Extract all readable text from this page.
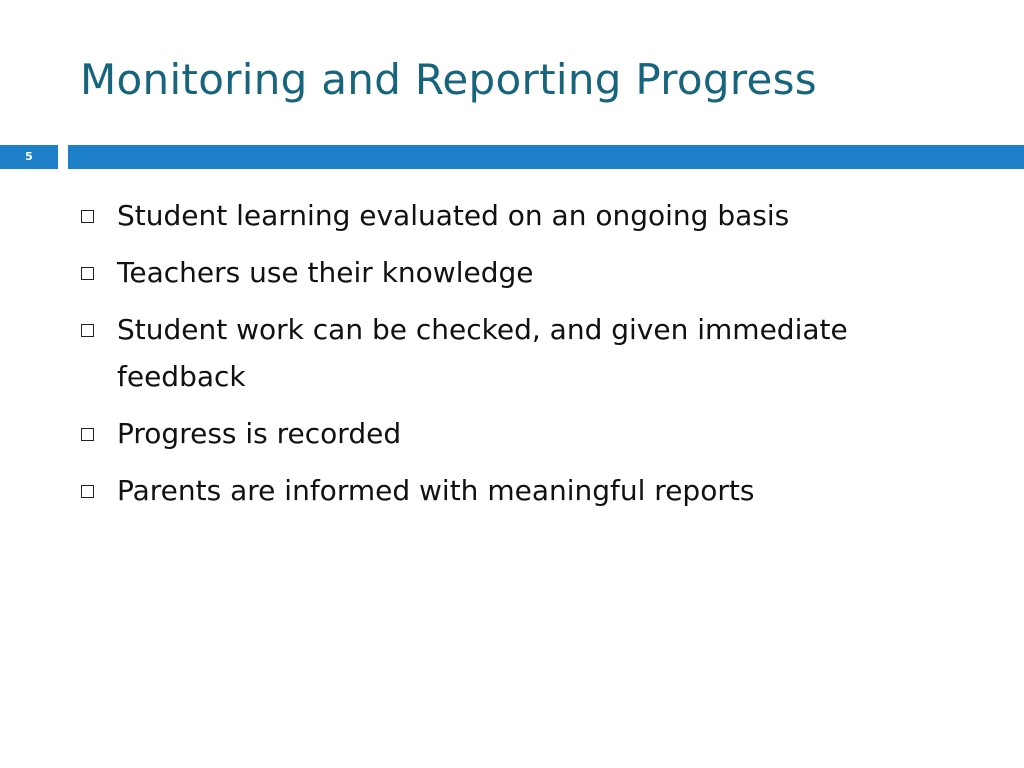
Monitoring and Reporting Progress
5
Student learning evaluated on an ongoing basis
Teachers use their knowledge
Student work can be checked, and given immediate feedback
Progress is recorded
Parents are informed with meaningful reports
